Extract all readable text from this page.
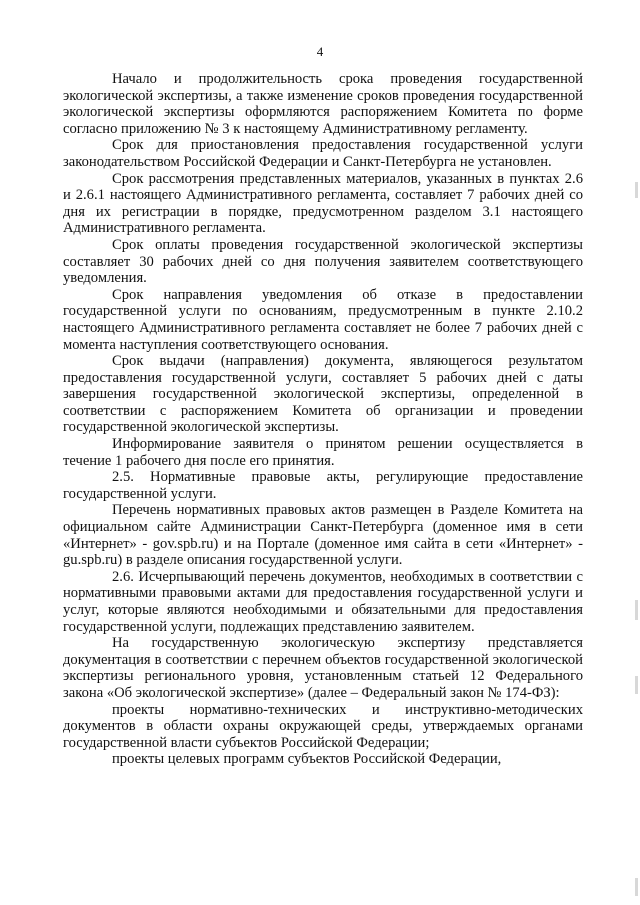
4

Начало и продолжительность срока проведения государственной экологической экспертизы, а также изменение сроков проведения государственной экологической экспертизы оформляются распоряжением Комитета по форме согласно приложению № 3 к настоящему Административному регламенту.

Срок для приостановления предоставления государственной услуги законодательством Российской Федерации и Санкт-Петербурга не установлен.

Срок рассмотрения представленных материалов, указанных в пунктах 2.6 и 2.6.1 настоящего Административного регламента, составляет 7 рабочих дней со дня их регистрации в порядке, предусмотренном разделом 3.1 настоящего Административного регламента.

Срок оплаты проведения государственной экологической экспертизы составляет 30 рабочих дней со дня получения заявителем соответствующего уведомления.

Срок направления уведомления об отказе в предоставлении государственной услуги по основаниям, предусмотренным в пункте 2.10.2 настоящего Административного регламента составляет не более 7 рабочих дней с момента наступления соответствующего основания.

Срок выдачи (направления) документа, являющегося результатом предоставления государственной услуги, составляет 5 рабочих дней с даты завершения государственной экологической экспертизы, определенной в соответствии с распоряжением Комитета об организации и проведении государственной экологической экспертизы.

Информирование заявителя о принятом решении осуществляется в течение 1 рабочего дня после его принятия.

2.5. Нормативные правовые акты, регулирующие предоставление государственной услуги.

Перечень нормативных правовых актов размещен в Разделе Комитета на официальном сайте Администрации Санкт-Петербурга (доменное имя в сети «Интернет» - gov.spb.ru) и на Портале (доменное имя сайта в сети «Интернет» - gu.spb.ru) в разделе описания государственной услуги.

2.6. Исчерпывающий перечень документов, необходимых в соответствии с нормативными правовыми актами для предоставления государственной услуги и услуг, которые являются необходимыми и обязательными для предоставления государственной услуги, подлежащих представлению заявителем.

На государственную экологическую экспертизу представляется документация в соответствии с перечнем объектов государственной экологической экспертизы регионального уровня, установленным статьей 12 Федерального закона «Об экологической экспертизе» (далее – Федеральный закон № 174-ФЗ):

проекты нормативно-технических и инструктивно-методических документов в области охраны окружающей среды, утверждаемых органами государственной власти субъектов Российской Федерации;

проекты целевых программ субъектов Российской Федерации,
